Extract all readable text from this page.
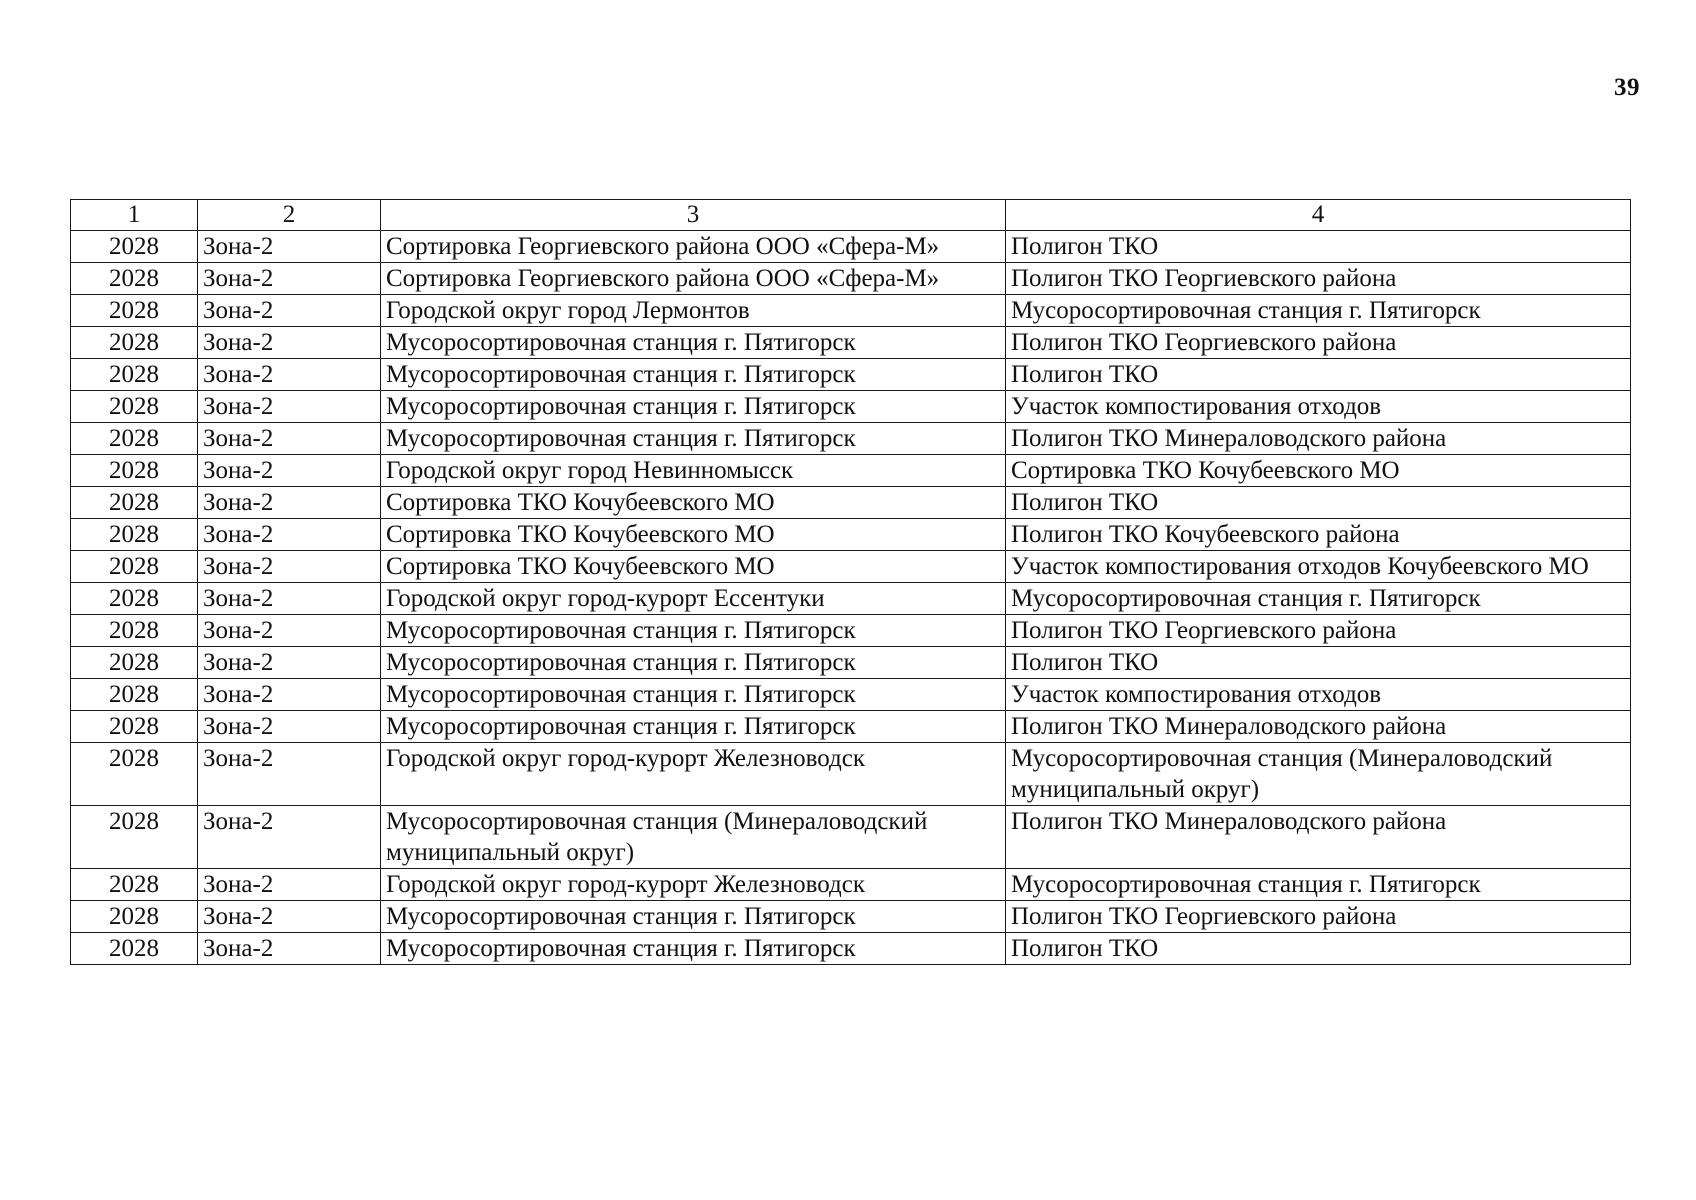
39
1	2	3	4
2028	Зона-2	Сортировка Георгиевского района ООО «Сфера-М»	Полигон ТКО
2028	Зона-2	Сортировка Георгиевского района ООО «Сфера-М»	Полигон ТКО Георгиевского района
2028	Зона-2	Городской округ город Лермонтов	Мусоросортировочная станция г. Пятигорск
2028	Зона-2	Мусоросортировочная станция г. Пятигорск	Полигон ТКО Георгиевского района
2028	Зона-2	Мусоросортировочная станция г. Пятигорск	Полигон ТКО
2028	Зона-2	Мусоросортировочная станция г. Пятигорск	Участок компостирования отходов
2028	Зона-2	Мусоросортировочная станция г. Пятигорск	Полигон ТКО Минераловодского района
2028	Зона-2	Городской округ город Невинномысск	Сортировка ТКО Кочубеевского МО
2028	Зона-2	Сортировка ТКО Кочубеевского МО	Полигон ТКО
2028	Зона-2	Сортировка ТКО Кочубеевского МО	Полигон ТКО Кочубеевского района
2028	Зона-2	Сортировка ТКО Кочубеевского МО	Участок компостирования отходов Кочубеевского МО
2028	Зона-2	Городской округ город-курорт Ессентуки	Мусоросортировочная станция г. Пятигорск
2028	Зона-2	Мусоросортировочная станция г. Пятигорск	Полигон ТКО Георгиевского района
2028	Зона-2	Мусоросортировочная станция г. Пятигорск	Полигон ТКО
2028	Зона-2	Мусоросортировочная станция г. Пятигорск	Участок компостирования отходов
2028	Зона-2	Мусоросортировочная станция г. Пятигорск	Полигон ТКО Минераловодского района
2028	Зона-2	Городской округ город-курорт Железноводск	Мусоросортировочная станция (Минераловодский муниципальный округ)
2028	Зона-2	Мусоросортировочная станция (Минераловодский муниципальный округ)	Полигон ТКО Минераловодского района
2028	Зона-2	Городской округ город-курорт Железноводск	Мусоросортировочная станция г. Пятигорск
2028	Зона-2	Мусоросортировочная станция г. Пятигорск	Полигон ТКО Георгиевского района
2028	Зона-2	Мусоросортировочная станция г. Пятигорск	Полигон ТКО
